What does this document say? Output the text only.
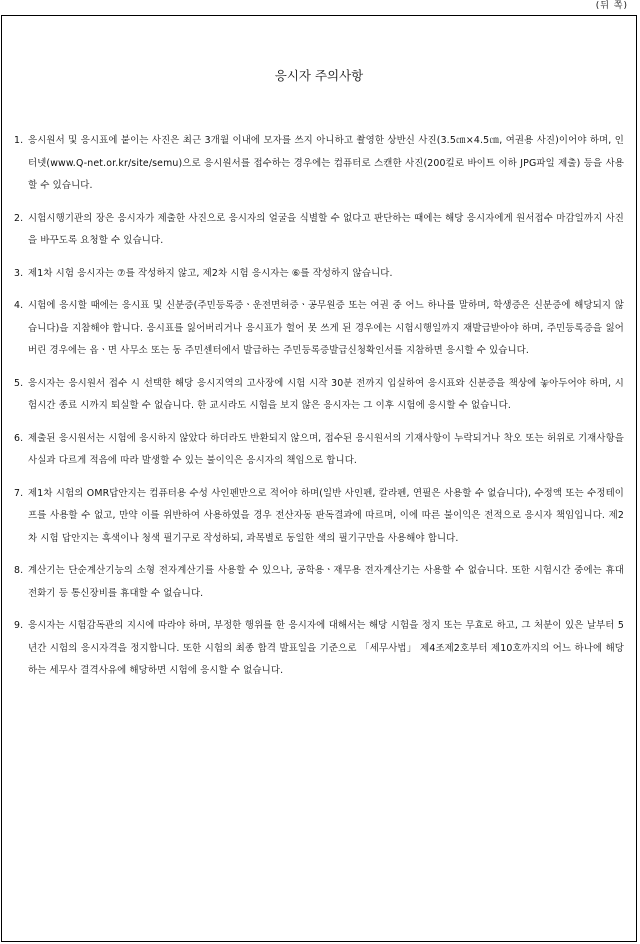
(뒤 쪽)
응시자 주의사항
1. 응시원서 및 응시표에 붙이는 사진은 최근 3개월 이내에 모자를 쓰지 아니하고 촬영한 상반신 사진(3.5㎝×4.5㎝, 여권용 사진)이어야 하며, 인터넷(www.Q-net.or.kr/site/semu)으로 응시원서를 접수하는 경우에는 컴퓨터로 스캔한 사진(200킬로 바이트 이하 JPG파일 제출) 등을 사용할 수 있습니다.
2. 시험시행기관의 장은 응시자가 제출한 사진으로 응시자의 얼굴을 식별할 수 없다고 판단하는 때에는 해당 응시자에게 원서접수 마감일까지 사진을 바꾸도록 요청할 수 있습니다.
3. 제1차 시험 응시자는 ⑦를 작성하지 않고, 제2차 시험 응시자는 ⑥를 작성하지 않습니다.
4. 시험에 응시할 때에는 응시표 및 신분증(주민등록증ㆍ운전면허증ㆍ공무원증 또는 여권 중 어느 하나를 말하며, 학생증은 신분증에 해당되지 않습니다)을 지참해야 합니다. 응시표를 잃어버리거나 응시표가 헐어 못 쓰게 된 경우에는 시험시행일까지 재발급받아야 하며, 주민등록증을 잃어버린 경우에는 읍ㆍ면 사무소 또는 동 주민센터에서 발급하는 주민등록증발급신청확인서를 지참하면 응시할 수 있습니다.
5. 응시자는 응시원서 접수 시 선택한 해당 응시지역의 고사장에 시험 시작 30분 전까지 입실하여 응시표와 신분증을 책상에 놓아두어야 하며, 시험시간 종료 시까지 퇴실할 수 없습니다. 한 교시라도 시험을 보지 않은 응시자는 그 이후 시험에 응시할 수 없습니다.
6. 제출된 응시원서는 시험에 응시하지 않았다 하더라도 반환되지 않으며, 접수된 응시원서의 기재사항이 누락되거나 착오 또는 허위로 기재사항을 사실과 다르게 적음에 따라 발생할 수 있는 불이익은 응시자의 책임으로 합니다.
7. 제1차 시험의 OMR답안지는 컴퓨터용 수성 사인펜만으로 적어야 하며(일반 사인펜, 칼라펜, 연필은 사용할 수 없습니다), 수정액 또는 수정테이프를 사용할 수 없고, 만약 이를 위반하여 사용하였을 경우 전산자동 판독결과에 따르며, 이에 따른 불이익은 전적으로 응시자 책임입니다. 제2차 시험 답안지는 흑색이나 청색 필기구로 작성하되, 과목별로 동일한 색의 필기구만을 사용해야 합니다.
8. 계산기는 단순계산기능의 소형 전자계산기를 사용할 수 있으나, 공학용ㆍ재무용 전자계산기는 사용할 수 없습니다. 또한 시험시간 중에는 휴대전화기 등 통신장비를 휴대할 수 없습니다.
9. 응시자는 시험감독관의 지시에 따라야 하며, 부정한 행위를 한 응시자에 대해서는 해당 시험을 정지 또는 무효로 하고, 그 처분이 있은 날부터 5년간 시험의 응시자격을 정지합니다. 또한 시험의 최종 합격 발표일을 기준으로 「세무사법」 제4조제2호부터 제10호까지의 어느 하나에 해당하는 세무사 결격사유에 해당하면 시험에 응시할 수 없습니다.
